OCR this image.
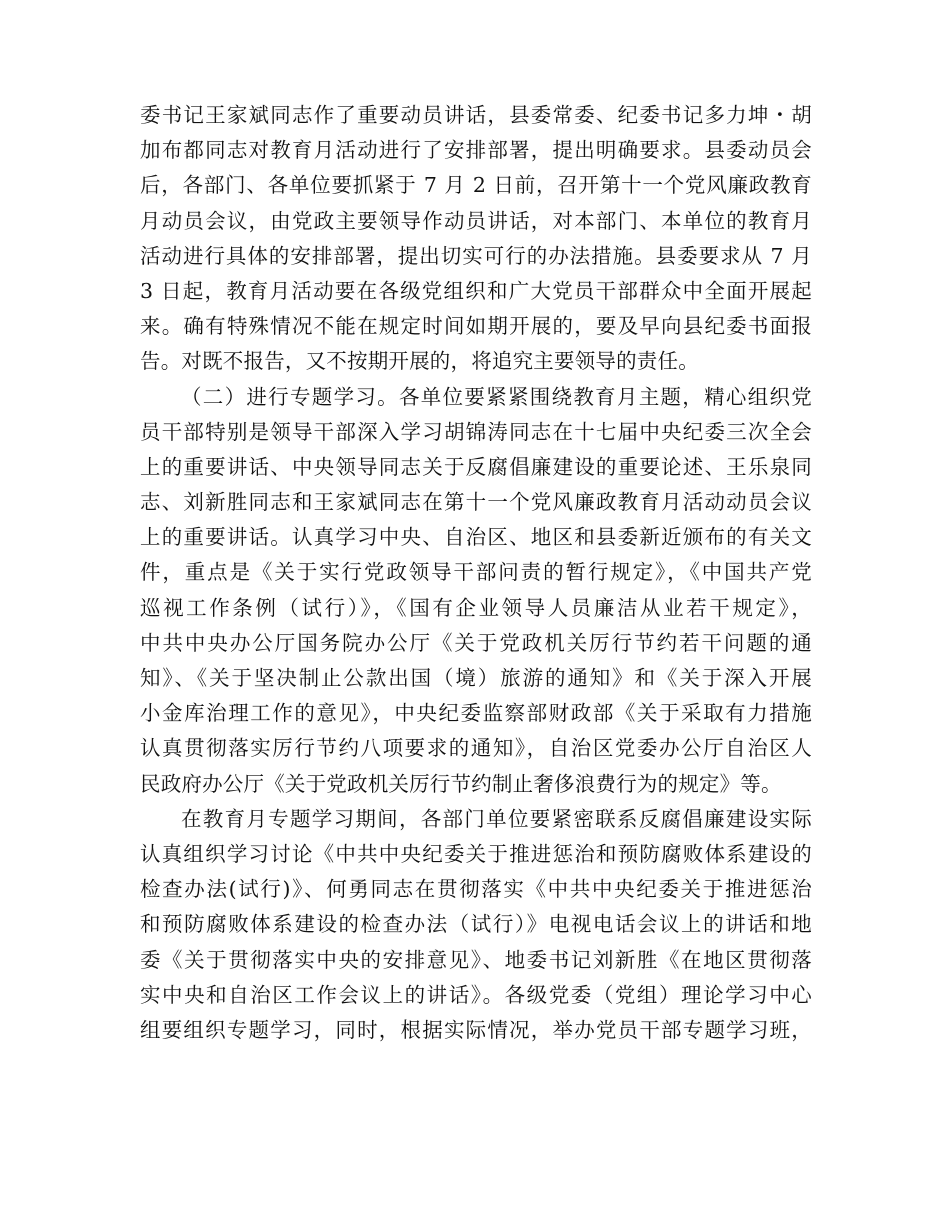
委书记王家斌同志作了重要动员讲话，县委常委、纪委书记多力坤・胡
加布都同志对教育月活动进行了安排部署，提出明确要求。县委动员会
后，各部门、各单位要抓紧于 7 月 2 日前，召开第十一个党风廉政教育
月动员会议，由党政主要领导作动员讲话，对本部门、本单位的教育月
活动进行具体的安排部署，提出切实可行的办法措施。县委要求从 7 月
3 日起，教育月活动要在各级党组织和广大党员干部群众中全面开展起
来。确有特殊情况不能在规定时间如期开展的，要及早向县纪委书面报
告。对既不报告，又不按期开展的，将追究主要领导的责任。
（二）进行专题学习。各单位要紧紧围绕教育月主题，精心组织党
员干部特别是领导干部深入学习胡锦涛同志在十七届中央纪委三次全会
上的重要讲话、中央领导同志关于反腐倡廉建设的重要论述、王乐泉同
志、刘新胜同志和王家斌同志在第十一个党风廉政教育月活动动员会议
上的重要讲话。认真学习中央、自治区、地区和县委新近颁布的有关文
件，重点是《关于实行党政领导干部问责的暂行规定》，《中国共产党
巡视工作条例（试行）》，《国有企业领导人员廉洁从业若干规定》，
中共中央办公厅国务院办公厅《关于党政机关厉行节约若干问题的通
知》、《关于坚决制止公款出国（境）旅游的通知》和《关于深入开展
小金库治理工作的意见》，中央纪委监察部财政部《关于采取有力措施
认真贯彻落实厉行节约八项要求的通知》，自治区党委办公厅自治区人
民政府办公厅《关于党政机关厉行节约制止奢侈浪费行为的规定》等。
在教育月专题学习期间，各部门单位要紧密联系反腐倡廉建设实际
认真组织学习讨论《中共中央纪委关于推进惩治和预防腐败体系建设的
检查办法(试行)》、何勇同志在贯彻落实《中共中央纪委关于推进惩治
和预防腐败体系建设的检查办法（试行）》电视电话会议上的讲话和地
委《关于贯彻落实中央的安排意见》、地委书记刘新胜《在地区贯彻落
实中央和自治区工作会议上的讲话》。各级党委（党组）理论学习中心
组要组织专题学习，同时，根据实际情况，举办党员干部专题学习班，
